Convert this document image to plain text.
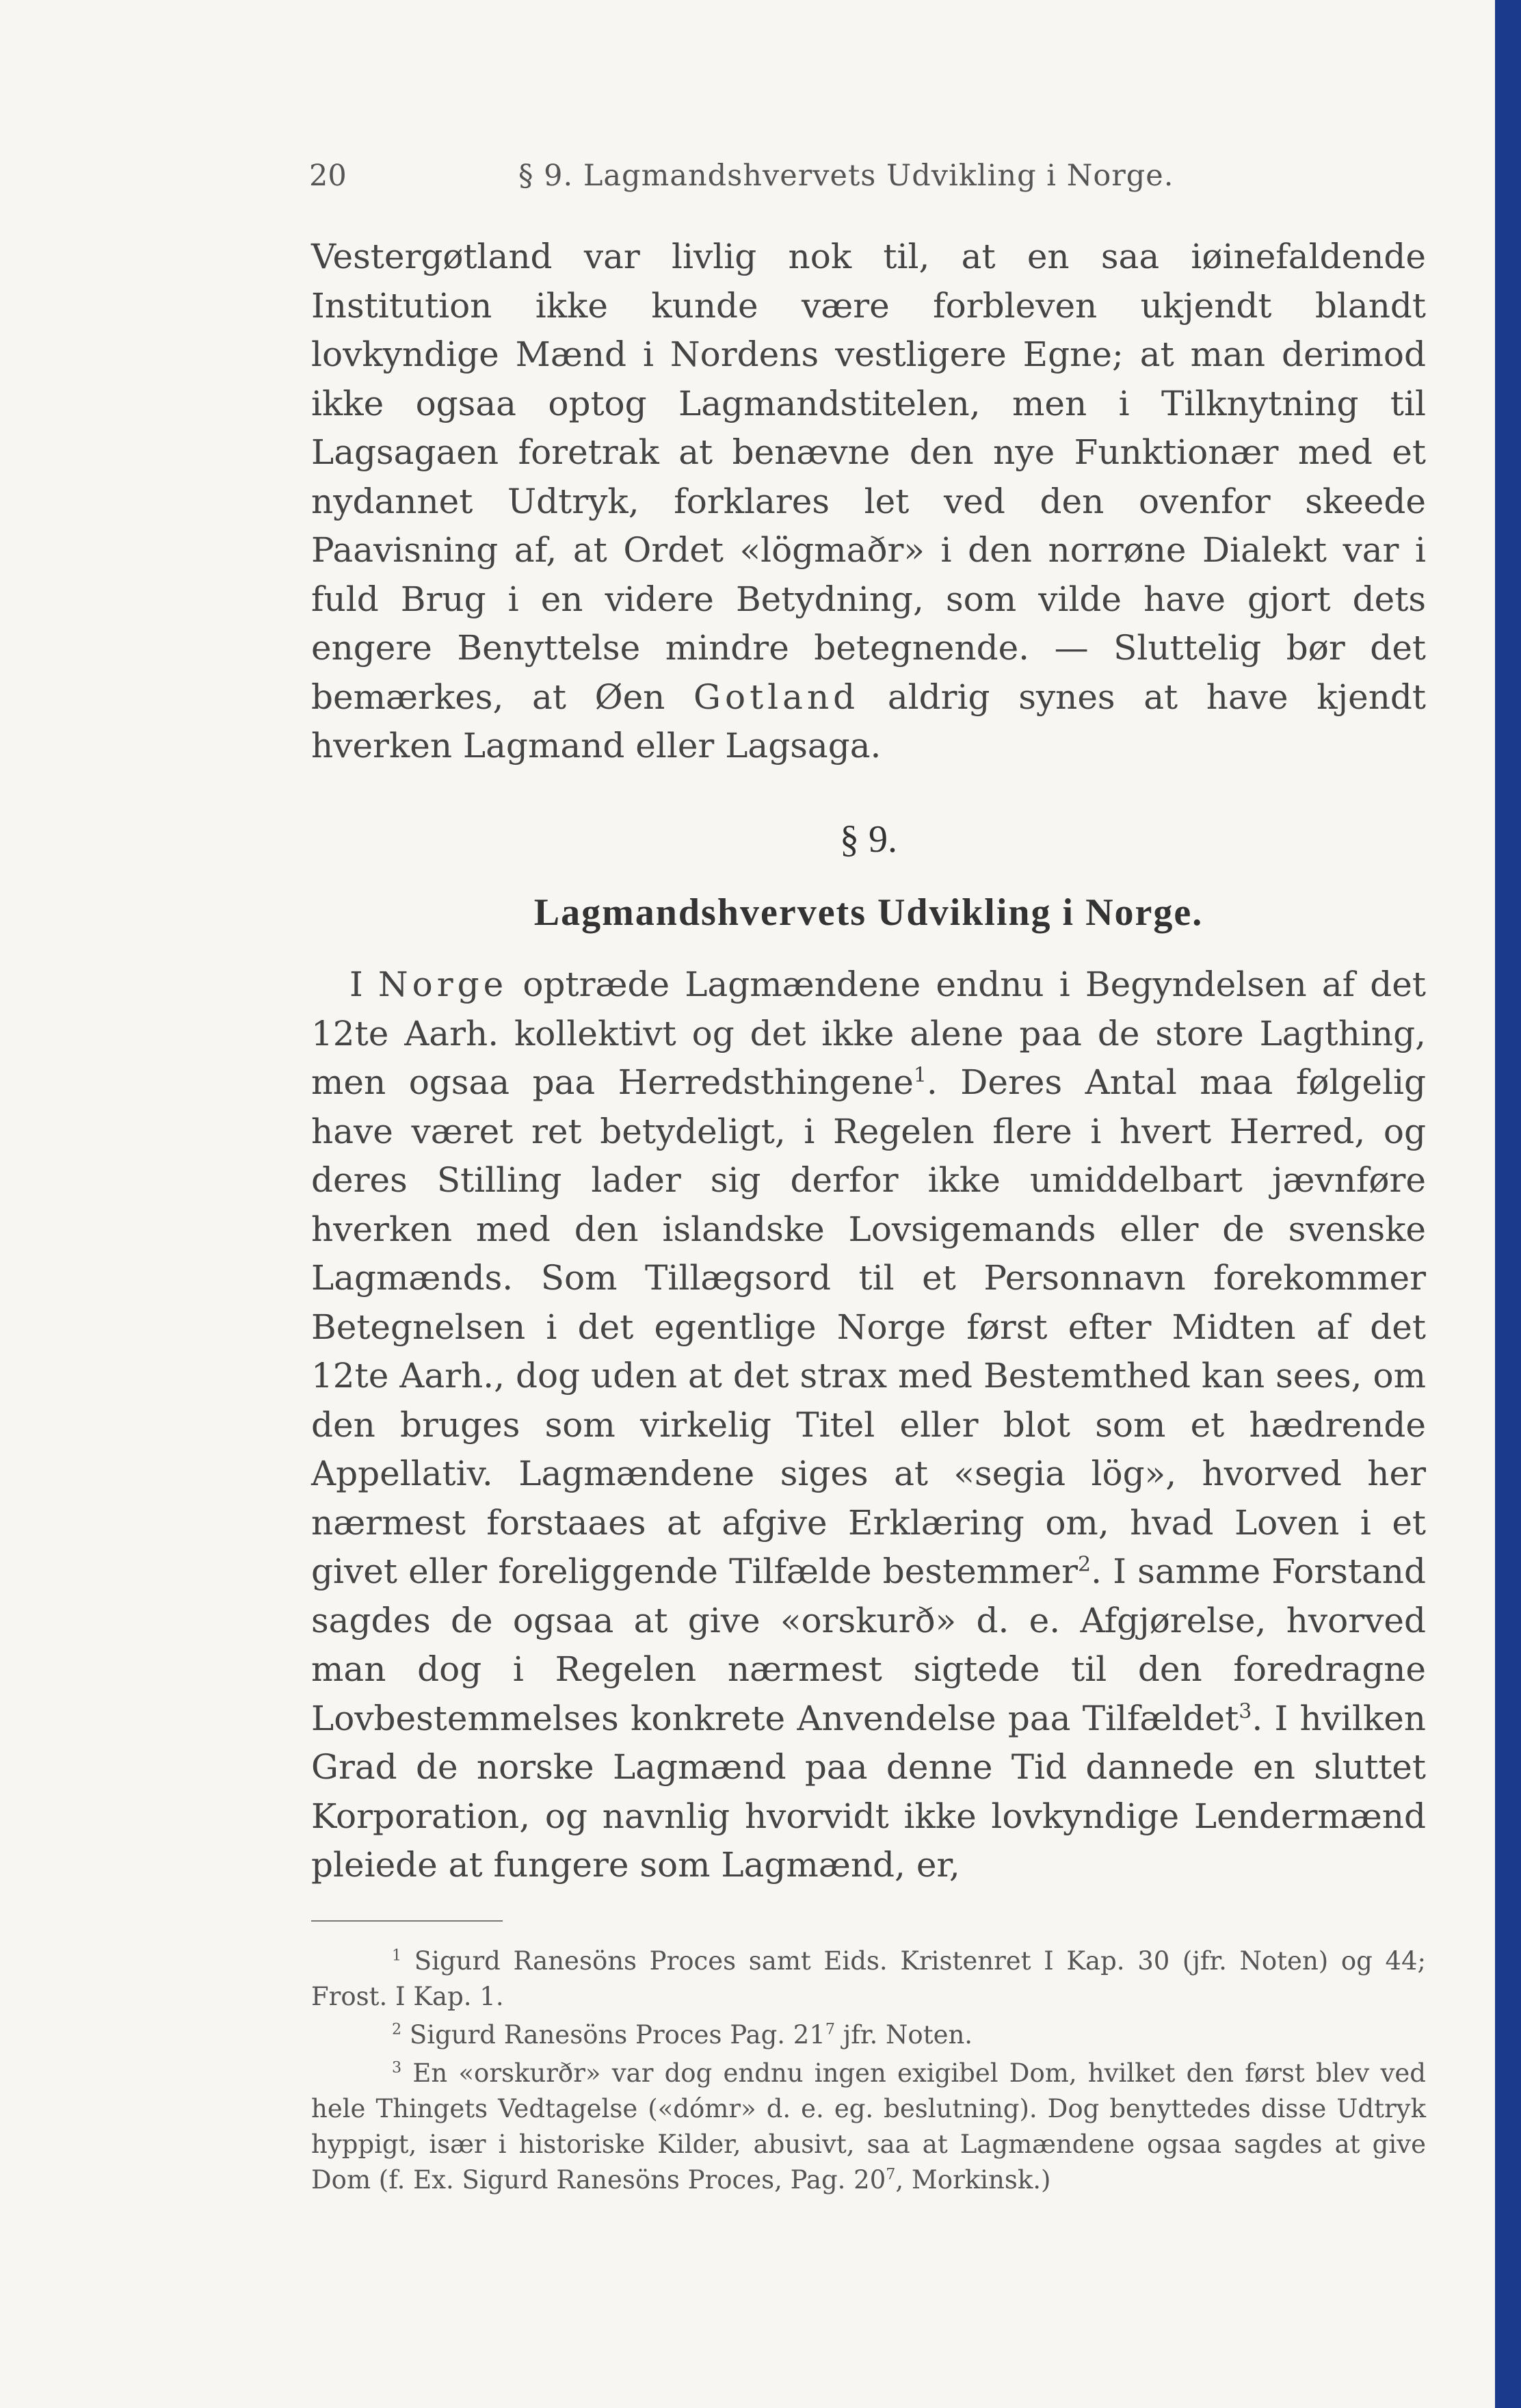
20	§ 9. Lagmandshvervets Udvikling i Norge.

Vestergøtland var livlig nok til, at en saa iøinefaldende Institution ikke kunde være forbleven ukjendt blandt lovkyndige Mænd i Nordens vestligere Egne; at man derimod ikke ogsaa optog Lagmandstitelen, men i Tilknytning til Lagsagaen foretrak at benævne den nye Funktionær med et nydannet Udtryk, forklares let ved den ovenfor skeede Paavisning af, at Ordet «lögmaðr» i den norrøne Dialekt var i fuld Brug i en videre Betydning, som vilde have gjort dets engere Benyttelse mindre betegnende. — Sluttelig bør det bemærkes, at Øen Gotland aldrig synes at have kjendt hverken Lagmand eller Lagsaga.

§ 9.
Lagmandshvervets Udvikling i Norge.

I Norge optræde Lagmændene endnu i Begyndelsen af det 12te Aarh. kollektivt og det ikke alene paa de store Lagthing, men ogsaa paa Herredsthingene$^1$. Deres Antal maa følgelig have været ret betydeligt, i Regelen flere i hvert Herred, og deres Stilling lader sig derfor ikke umiddelbart jævnføre hverken med den islandske Lovsigemands eller de svenske Lagmænds. Som Tillægsord til et Personnavn forekommer Betegnelsen i det egentlige Norge først efter Midten af det 12te Aarh., dog uden at det strax med Bestemthed kan sees, om den bruges som virkelig Titel eller blot som et hædrende Appellativ. Lagmændene siges at «segia lög», hvorved her nærmest forstaaes at afgive Erklæring om, hvad Loven i et givet eller foreliggende Tilfælde bestemmer$^2$. I samme Forstand sagdes de ogsaa at give «orskurð» d. e. Afgjørelse, hvorved man dog i Regelen nærmest sigtede til den foredragne Lovbestemmelses konkrete Anvendelse paa Tilfældet$^3$. I hvilken Grad de norske Lagmænd paa denne Tid dannede en sluttet Korporation, og navnlig hvorvidt ikke lovkyndige Lendermænd pleiede at fungere som Lagmænd, er,

$^1$ Sigurd Ranesöns Proces samt Eids. Kristenret I Kap. 30 (jfr. Noten) og 44; Frost. I Kap. 1.

$^2$ Sigurd Ranesöns Proces Pag. $21^7$ jfr. Noten.

$^3$ En «orskurðr» var dog endnu ingen exigibel Dom, hvilket den først blev ved hele Thingets Vedtagelse («dómr» d. e. eg. beslutning). Dog benyttedes disse Udtryk hyppigt, især i historiske Kilder, abusivt, saa at Lagmændene ogsaa sagdes at give Dom (f. Ex. Sigurd Ranesöns Proces, Pag. $20^7$, Morkinsk.)
